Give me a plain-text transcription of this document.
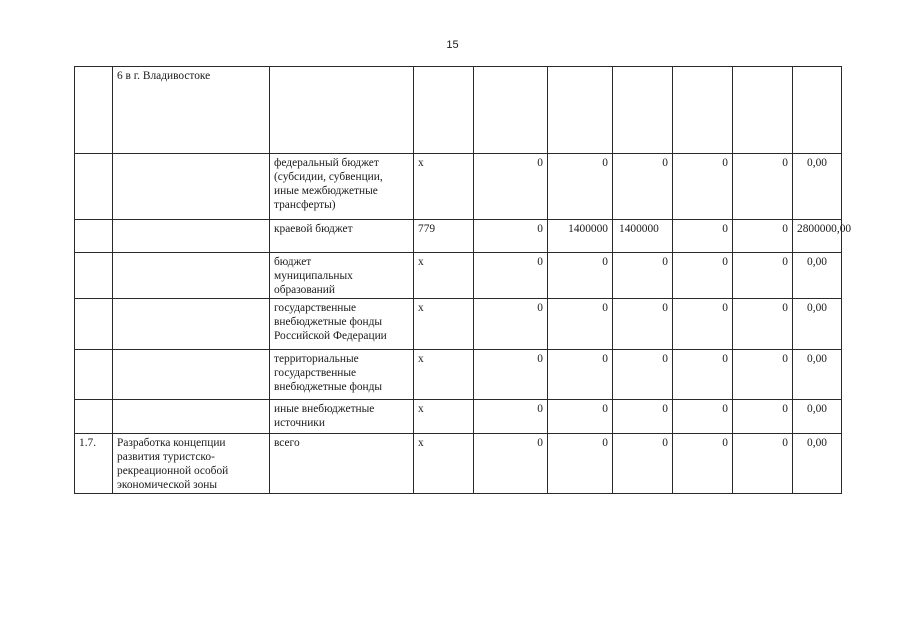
15
	6 в г. Владивостоке								
		федеральный бюджет (субсидии, субвенции, иные межбюджетные трансферты)	х	0	0	0	0	0	0,00
		краевой бюджет	779	0	1400000	1400000	0	0	2800000,00
		бюджет муниципальных образований	х	0	0	0	0	0	0,00
		государственные внебюджетные фонды Российской Федерации	х	0	0	0	0	0	0,00
		территориальные государственные внебюджетные фонды	х	0	0	0	0	0	0,00
		иные внебюджетные источники	х	0	0	0	0	0	0,00
1.7.	Разработка концепции развития туристско-рекреационной особой экономической зоны	всего	х	0	0	0	0	0	0,00
